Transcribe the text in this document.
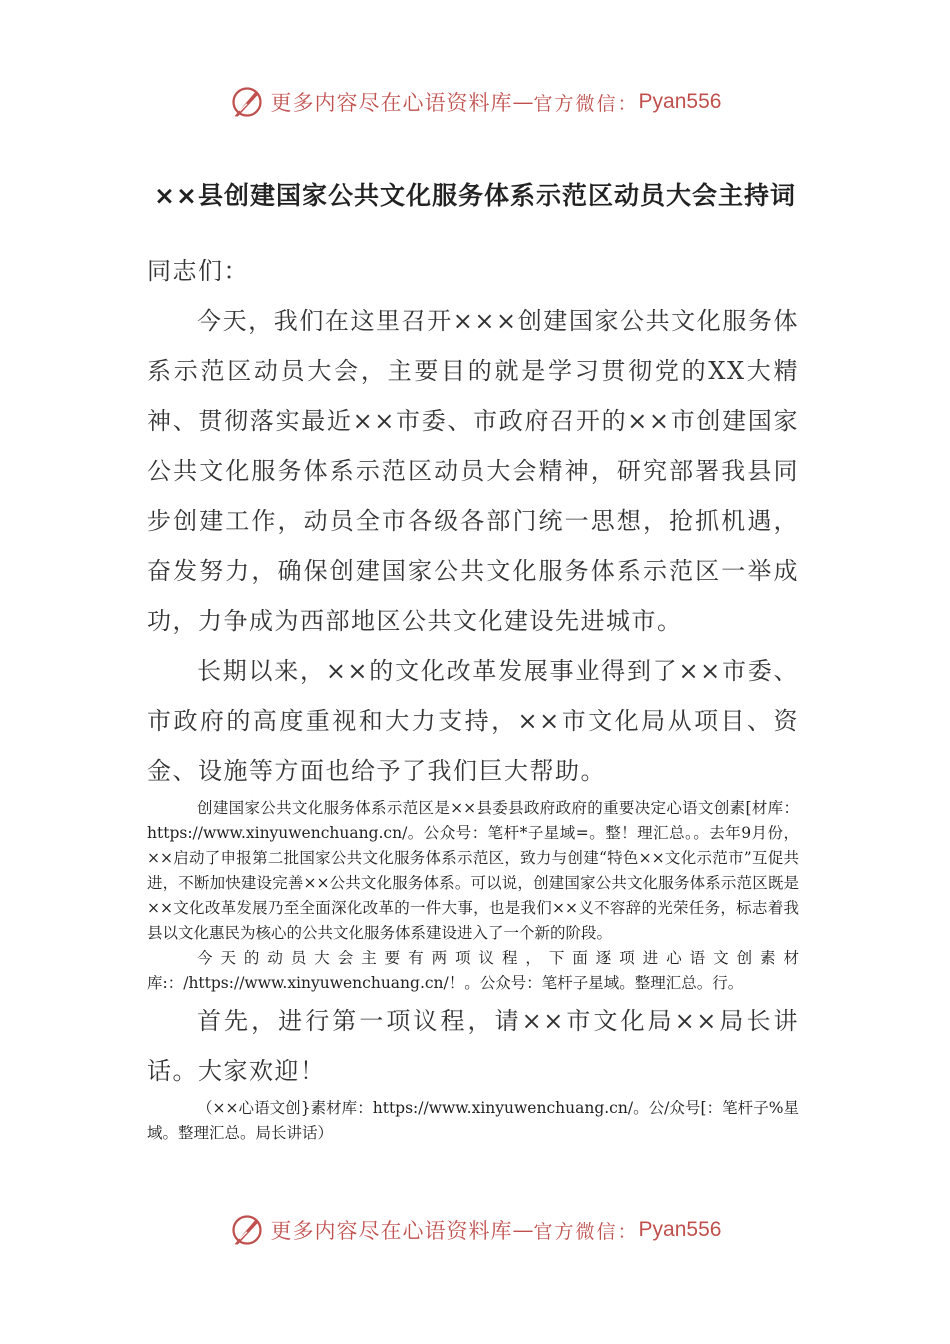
更多内容尽在心语资料库 — 官方微信： Pyan556
××县创建国家公共文化服务体系示范区动员大会主持词

同志们：

今天，我们在这里召开×××创建国家公共文化服务体系示范区动员大会，主要目的就是学习贯彻党的XX大精神、贯彻落实最近××市委、市政府召开的××市创建国家公共文化服务体系示范区动员大会精神，研究部署我县同步创建工作，动员全市各级各部门统一思想，抢抓机遇，奋发努力，确保创建国家公共文化服务体系示范区一举成功，力争成为西部地区公共文化建设先进城市。

长期以来，××的文化改革发展事业得到了××市委、市政府的高度重视和大力支持，××市文化局从项目、资金、设施等方面也给予了我们巨大帮助。

创建国家公共文化服务体系示范区是××县委县政府政府的重要决定心语文创素[材库：https://www.xinyuwenchuang.cn/。公众号：笔杆*子星域=。整！理汇总。。去年9月份，××启动了申报第二批国家公共文化服务体系示范区，致力与创建“特色××文化示范市”互促共进，不断加快建设完善××公共文化服务体系。可以说，创建国家公共文化服务体系示范区既是××文化改革发展乃至全面深化改革的一件大事，也是我们××义不容辞的光荣任务，标志着我县以文化惠民为核心的公共文化服务体系建设进入了一个新的阶段。

今天的动员大会主要有两项议程，下面逐项进心语文创素材库:：/https://www.xinyuwenchuang.cn/！。公众号：笔杆子星域。整理汇总。行。

首先，进行第一项议程，请××市文化局××局长讲话。大家欢迎！

（××心语文创}素材库：https://www.xinyuwenchuang.cn/。公/众号[：笔杆子%星域。整理汇总。局长讲话）

更多内容尽在心语资料库 — 官方微信： Pyan556
